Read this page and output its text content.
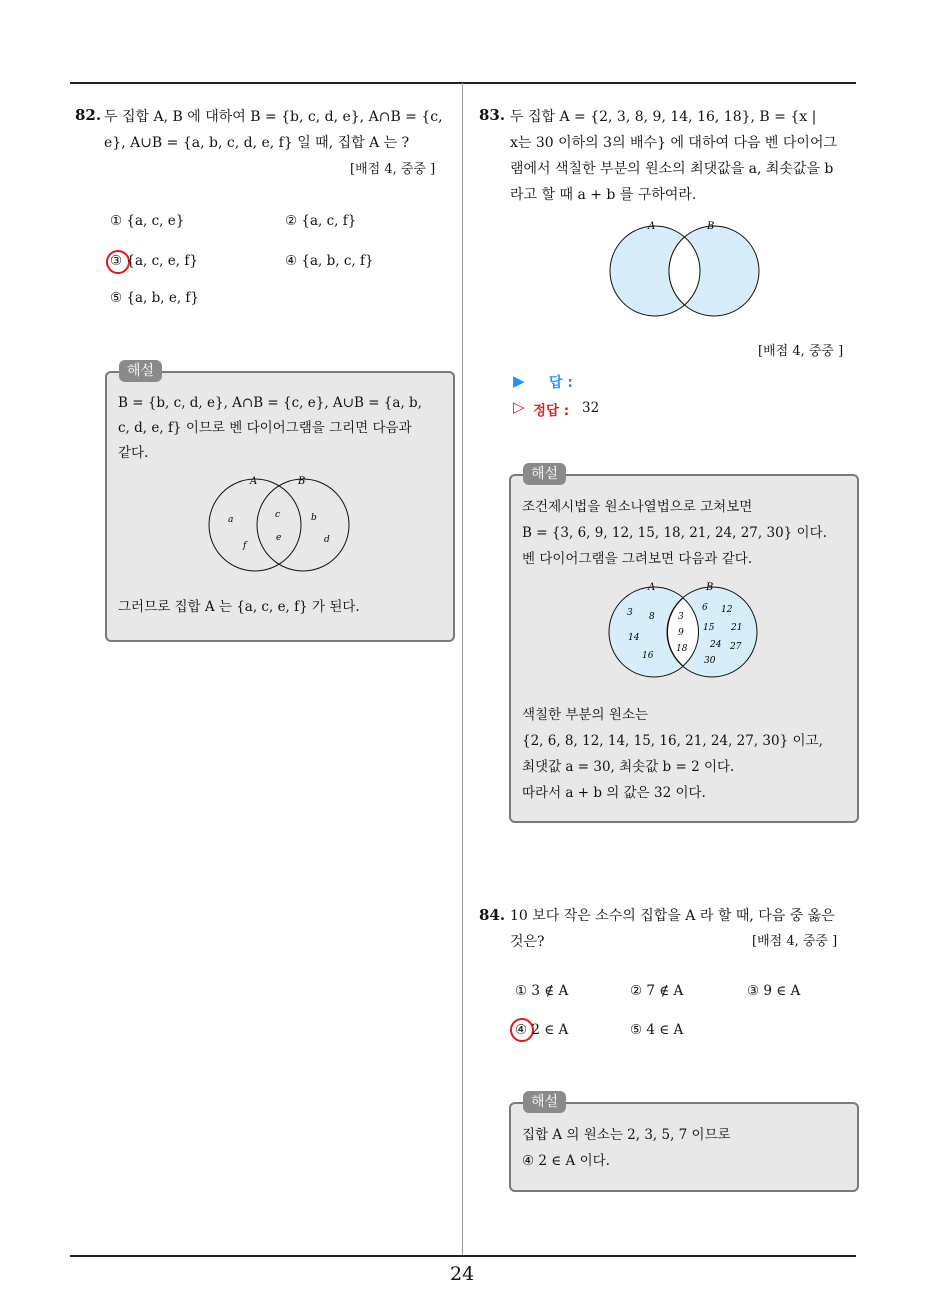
24
82. 두 집합 A, B 에 대하여 B = {b, c, d, e}, A∩B = {c,
e}, A∪B = {a, b, c, d, e, f} 일 때, 집합 A 는 ?
[배점 4, 중중 ]
① {a, c, e}	② {a, c, f}
③ {a, c, e, f}	④ {a, b, c, f}
⑤ {a, b, e, f}
해설
B = {b, c, d, e}, A∩B = {c, e}, A∪B = {a, b,
c, d, e, f} 이므로 벤 다이어그램을 그리면 다음과
같다.
A	B
a
f
c
e
b
d
그러므로 집합 A 는 {a, c, e, f} 가 된다.
83. 두 집합 A = {2, 3, 8, 9, 14, 16, 18}, B = {x |
x는 30 이하의 3의 배수} 에 대하여 다음 벤 다이어그
램에서 색칠한 부분의 원소의 최댓값을 a, 최솟값을 b
라고 할 때 a + b 를 구하여라.
A	B
[배점 4, 중중 ]
▶ 답 :
▷ 정답 : 32
해설
조건제시법을 원소나열법으로 고쳐보면
B = {3, 6, 9, 12, 15, 18, 21, 24, 27, 30} 이다.
벤 다이어그램을 그려보면 다음과 같다.
A	B
3 8
14
16
3
9
18
6 12
15 21
24 27
30
색칠한 부분의 원소는
{2, 6, 8, 12, 14, 15, 16, 21, 24, 27, 30} 이고,
최댓값 a = 30, 최솟값 b = 2 이다.
따라서 a + b 의 값은 32 이다.
84. 10 보다 작은 소수의 집합을 A 라 할 때, 다음 중 옳은
것은?	[배점 4, 중중 ]
① 3 ∉ A	② 7 ∉ A	③ 9 ∈ A
④ 2 ∈ A	⑤ 4 ∈ A
해설
집합 A 의 원소는 2, 3, 5, 7 이므로
④ 2 ∈ A 이다.
